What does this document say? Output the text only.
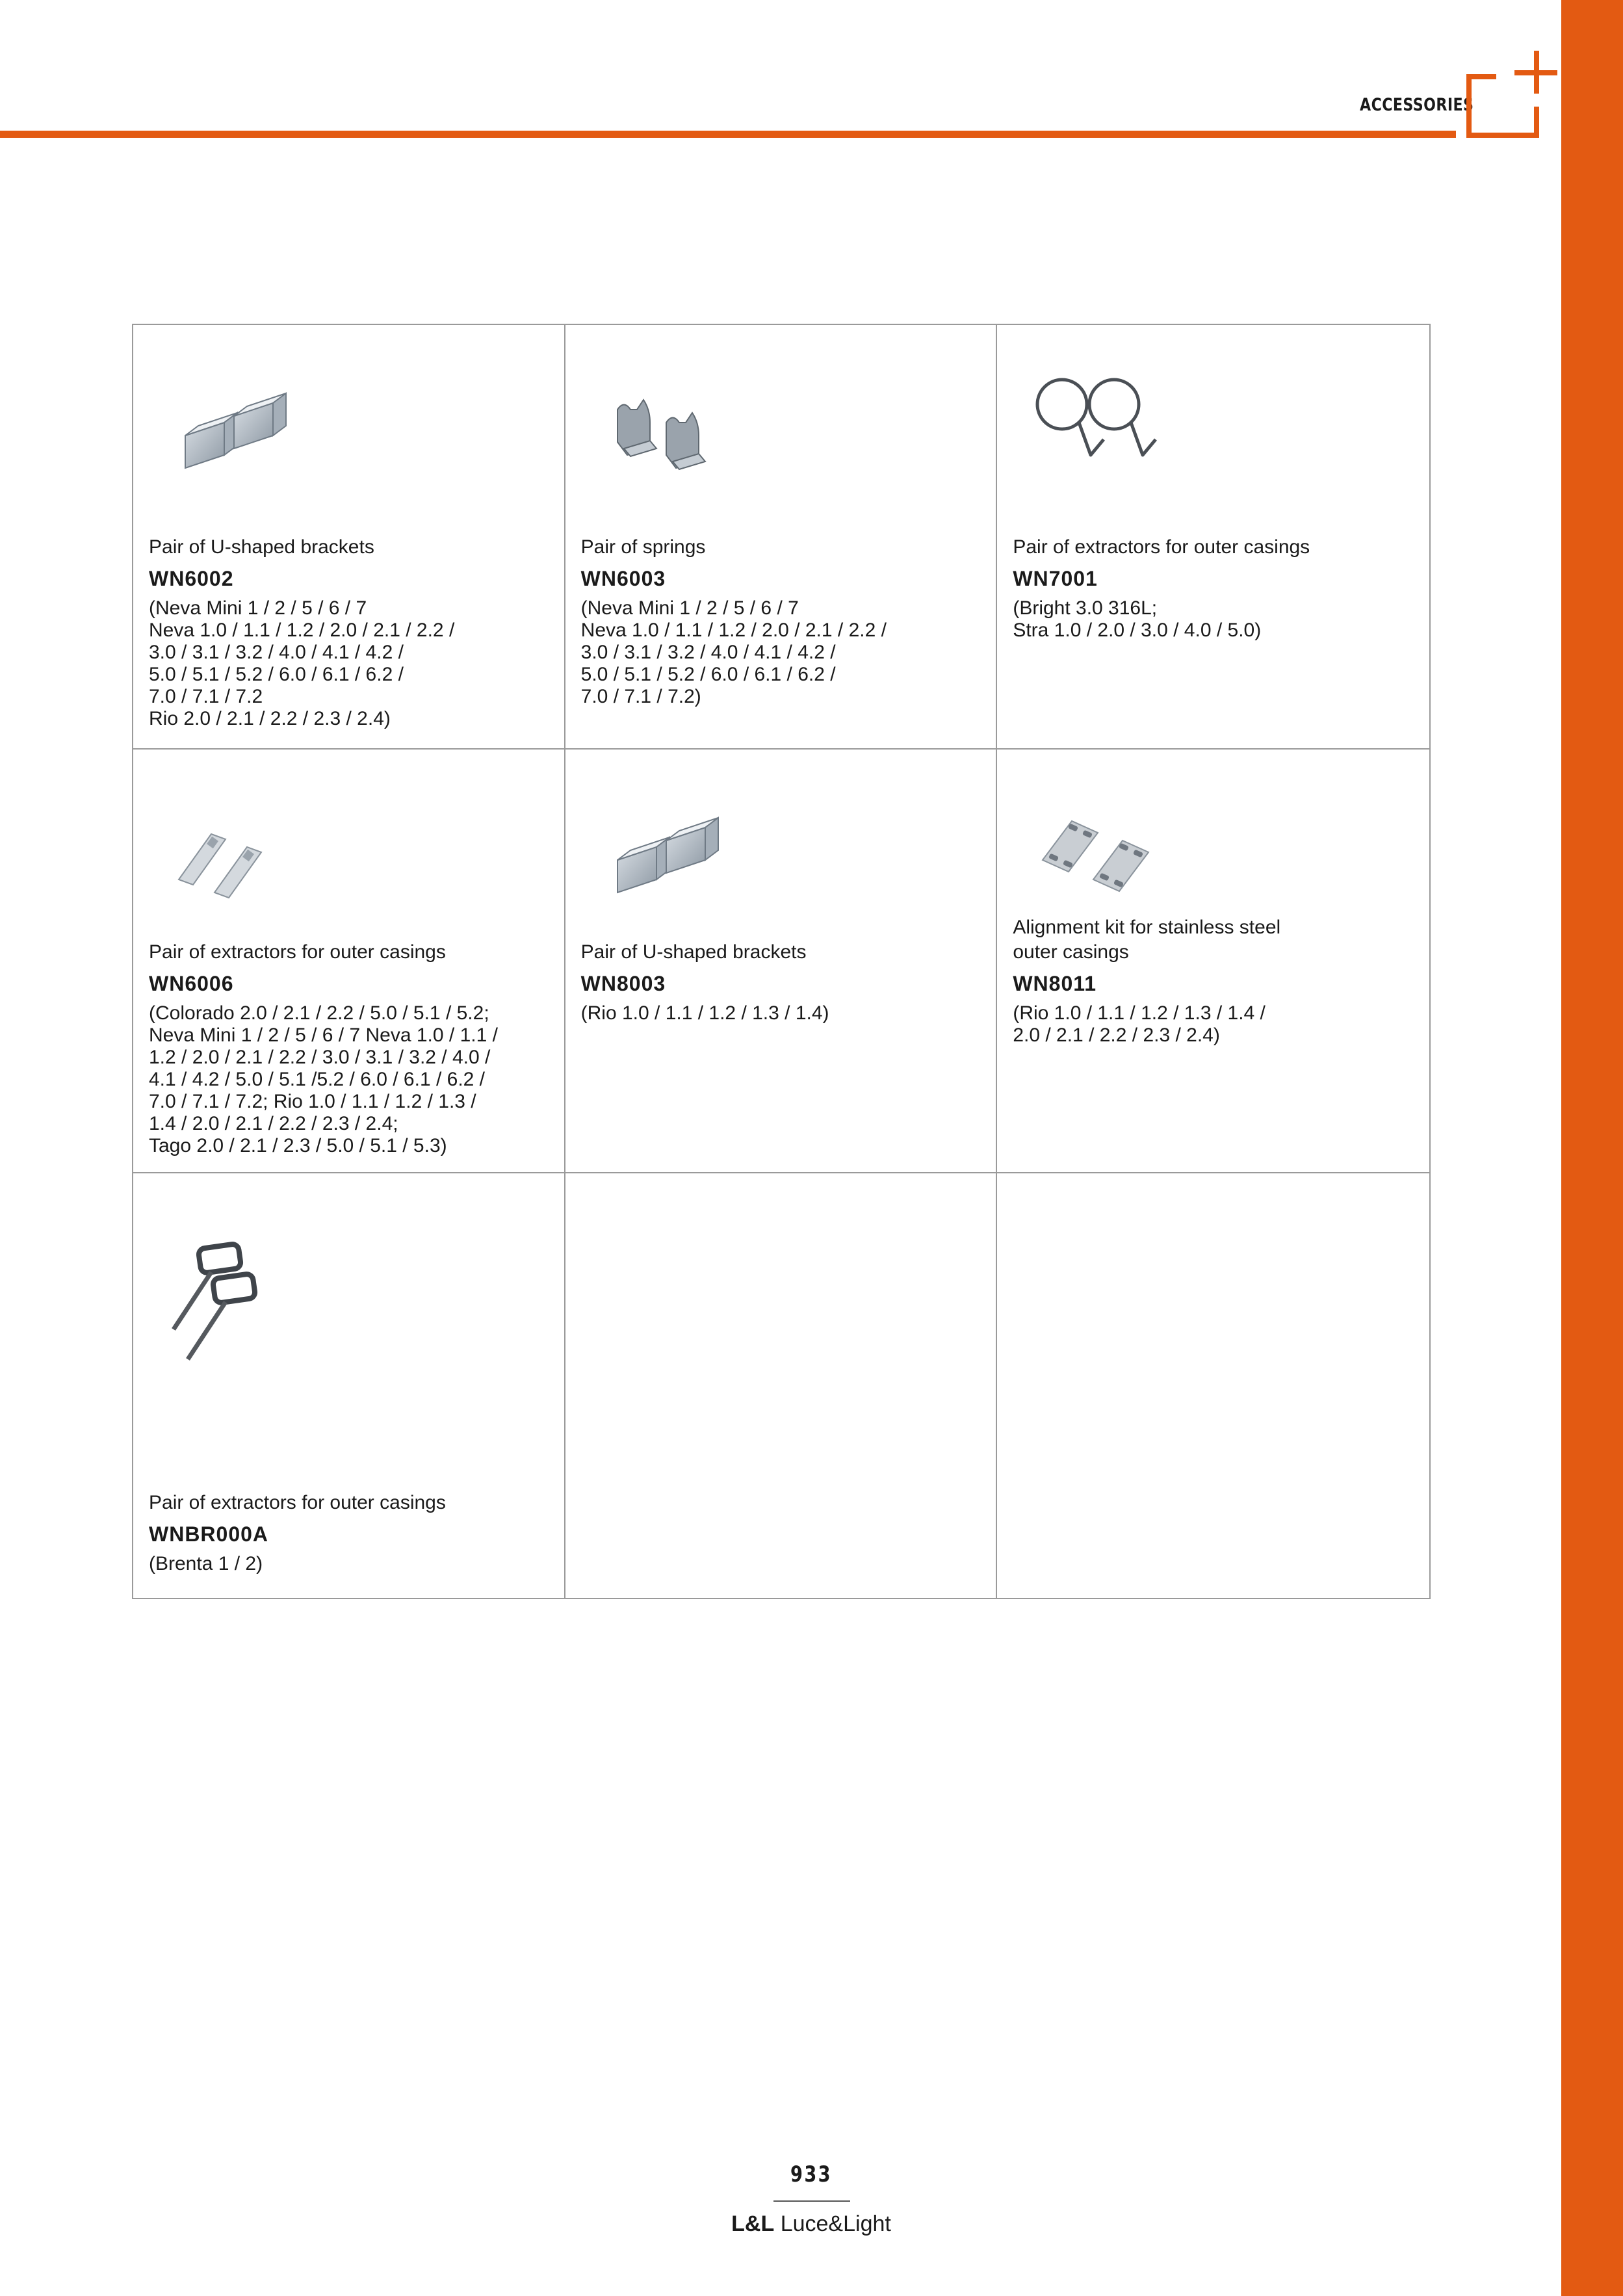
ACCESSORIES
Pair of U-shaped brackets
WN6002
(Neva Mini 1 / 2 / 5 / 6 / 7
Neva 1.0 / 1.1 / 1.2 / 2.0 / 2.1 / 2.2 /
3.0 / 3.1 / 3.2 / 4.0 / 4.1 / 4.2 /
5.0 / 5.1 / 5.2 / 6.0 / 6.1 / 6.2 /
7.0 / 7.1 / 7.2
Rio 2.0 / 2.1 / 2.2 / 2.3 / 2.4)
Pair of springs
WN6003
(Neva Mini 1 / 2 / 5 / 6 / 7
Neva 1.0 / 1.1 / 1.2 / 2.0 / 2.1 / 2.2 /
3.0 / 3.1 / 3.2 / 4.0 / 4.1 / 4.2 /
5.0 / 5.1 / 5.2 / 6.0 / 6.1 / 6.2 /
7.0 / 7.1 / 7.2)
Pair of extractors for outer casings
WN7001
(Bright 3.0 316L;
Stra 1.0 / 2.0 / 3.0 / 4.0 / 5.0)
Pair of extractors for outer casings
WN6006
(Colorado 2.0 / 2.1 / 2.2 / 5.0 / 5.1 / 5.2;
Neva Mini 1 / 2 / 5 / 6 / 7 Neva 1.0 / 1.1 /
1.2 / 2.0 / 2.1 / 2.2 / 3.0 / 3.1 / 3.2 / 4.0 /
4.1 / 4.2 / 5.0 / 5.1 /5.2 / 6.0 / 6.1 / 6.2 /
7.0 / 7.1 / 7.2; Rio 1.0 / 1.1 / 1.2 / 1.3 /
1.4 / 2.0 / 2.1 / 2.2 / 2.3 / 2.4;
Tago 2.0 / 2.1 / 2.3 / 5.0 / 5.1 / 5.3)
Pair of U-shaped brackets
WN8003
(Rio 1.0 / 1.1 / 1.2 / 1.3 / 1.4)
Alignment kit for stainless steel
outer casings
WN8011
(Rio 1.0 / 1.1 / 1.2 / 1.3 / 1.4 /
2.0 / 2.1 / 2.2 / 2.3 / 2.4)
Pair of extractors for outer casings
WNBR000A
(Brenta 1 / 2)
933
L&L Luce&Light
